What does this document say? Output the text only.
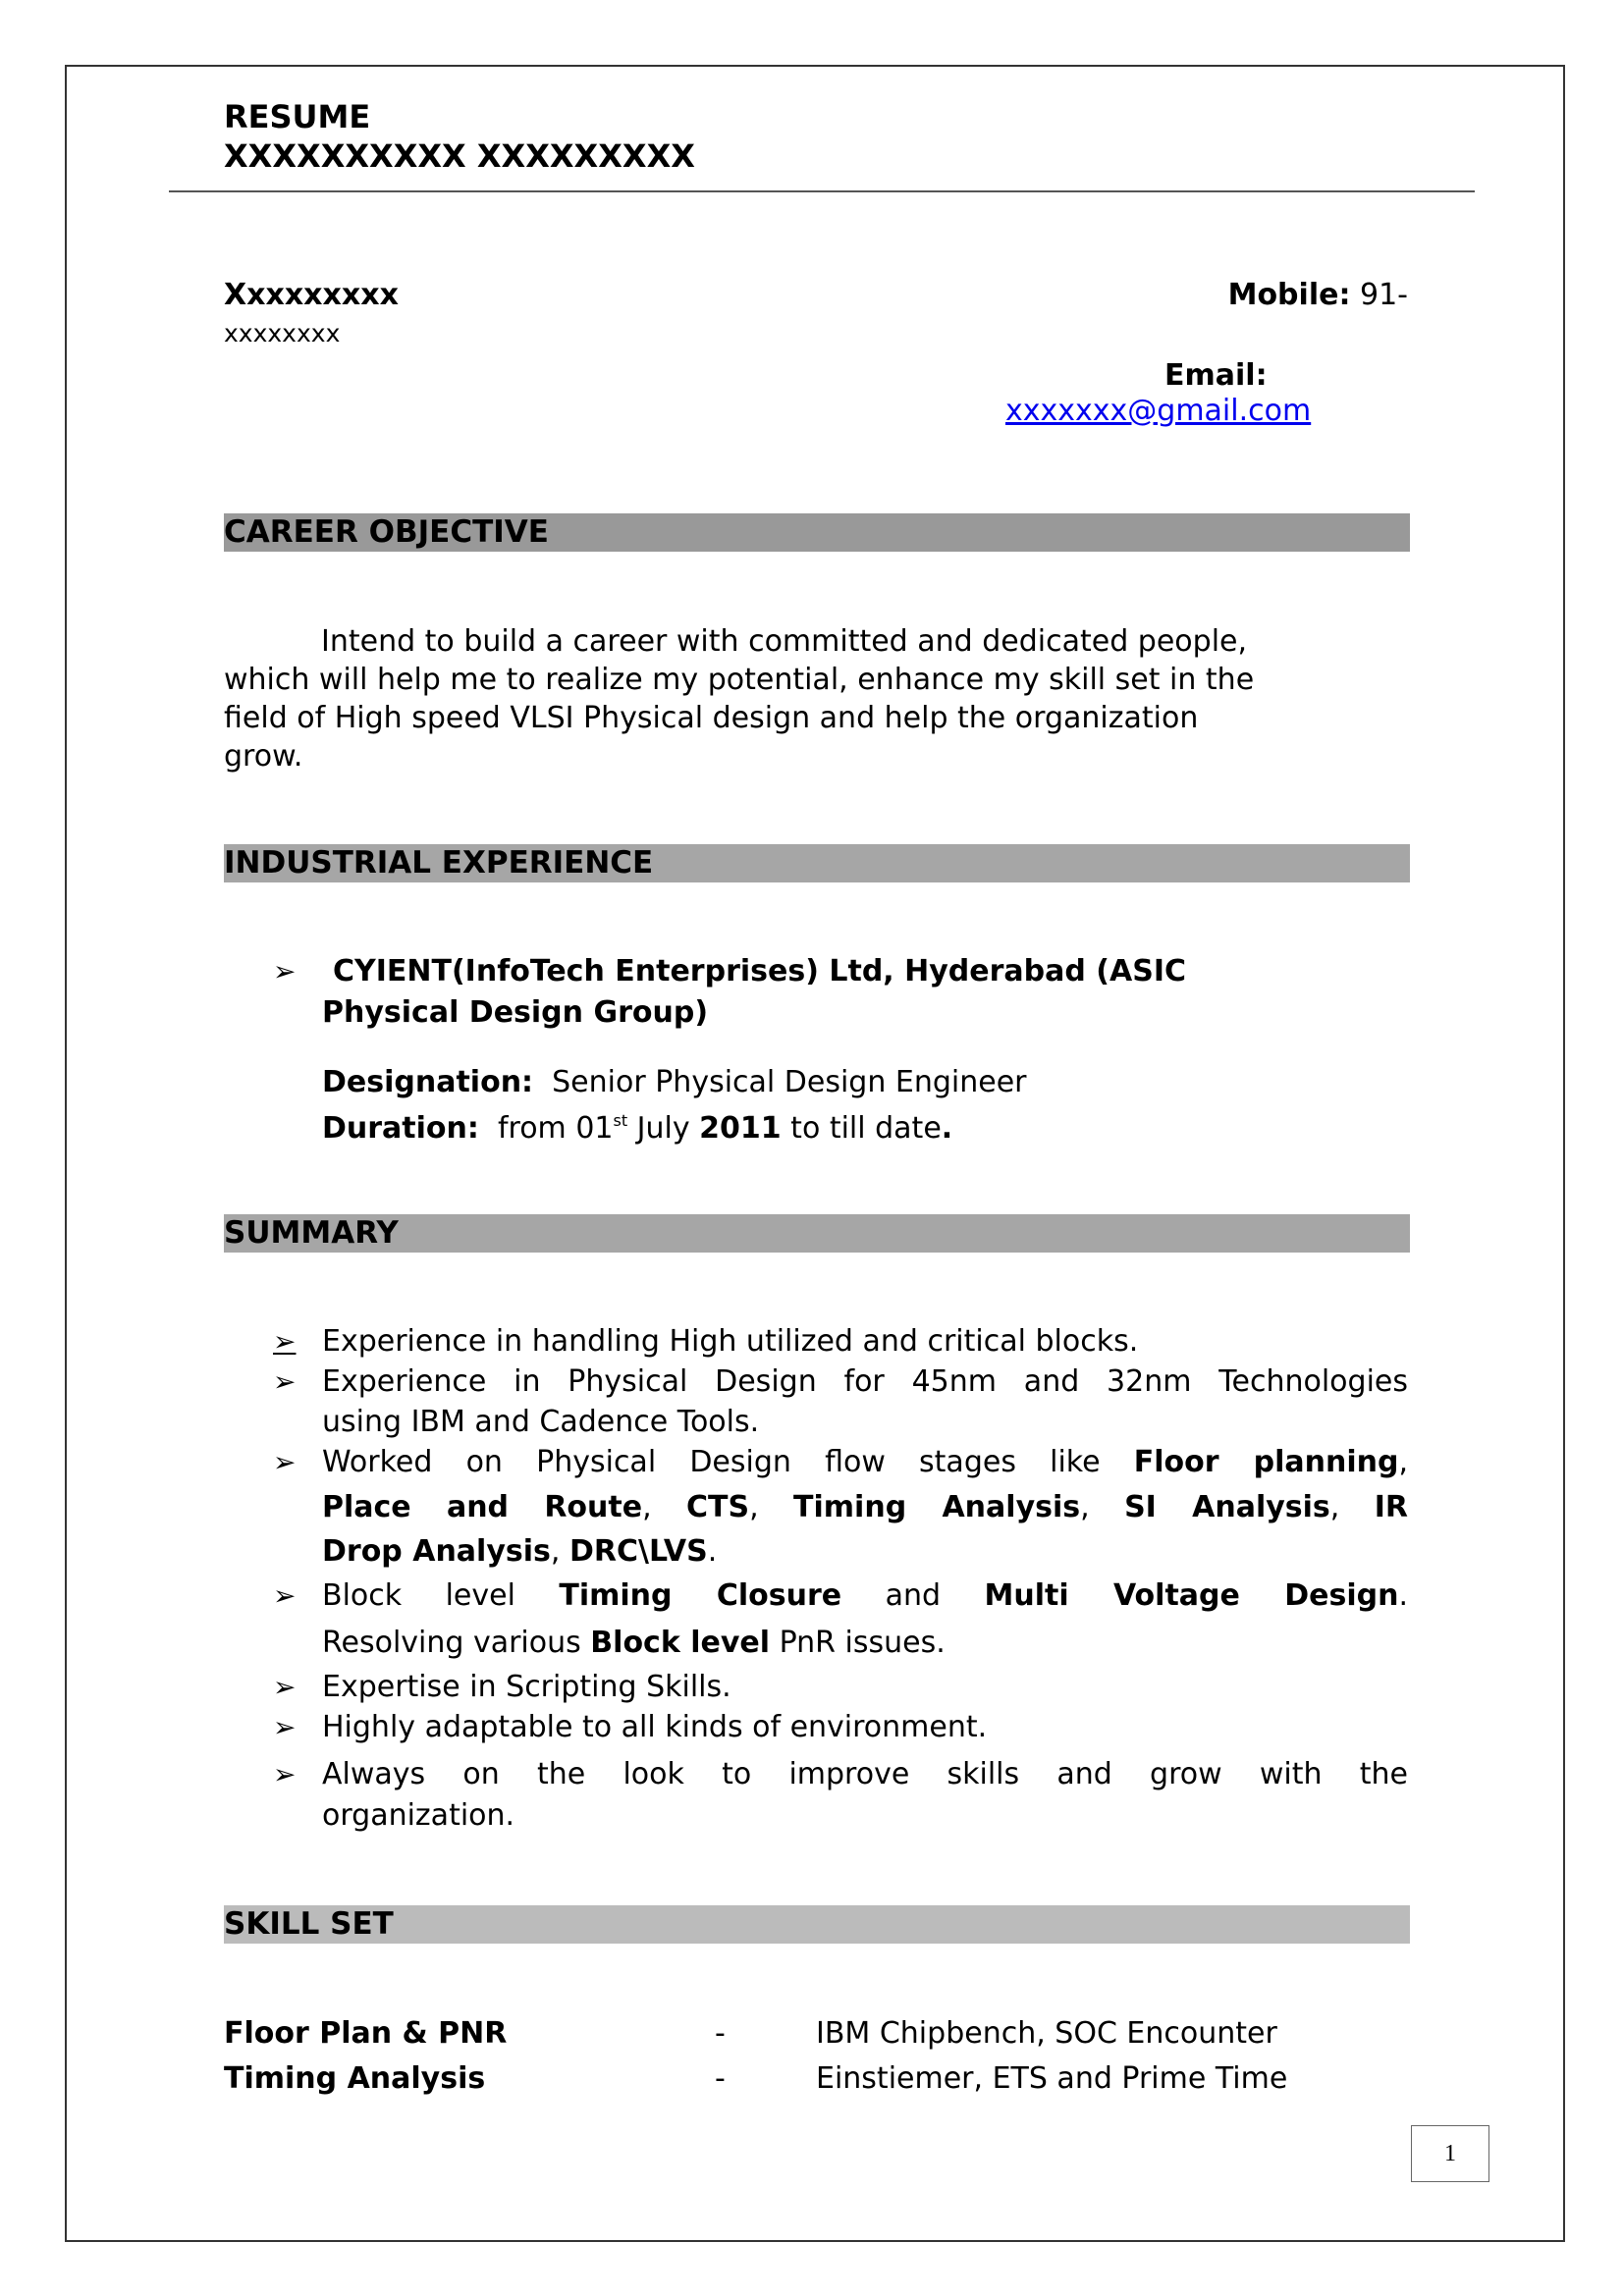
RESUME
XXXXXXXXXX XXXXXXXXX
Xxxxxxxxx
xxxxxxxx
Mobile: 91-
Email:
xxxxxxx@gmail.com
CAREER OBJECTIVE
Intend to build a career with committed and dedicated people,
which will help me to realize my potential, enhance my skill set in the
field of High speed VLSI Physical design and help the organization
grow.
INDUSTRIAL EXPERIENCE
➢ CYIENT(InfoTech Enterprises) Ltd, Hyderabad (ASIC
Physical Design Group)
Designation: Senior Physical Design Engineer
Duration: from 01st July 2011 to till date.
SUMMARY
➢ Experience in handling High utilized and critical blocks.
➢ Experience in Physical Design for 45nm and 32nm Technologies
using IBM and Cadence Tools.
➢ Worked on Physical Design flow stages like Floor planning,
Place and Route, CTS, Timing Analysis, SI Analysis, IR
Drop Analysis, DRC\LVS.
➢ Block level Timing Closure and Multi Voltage Design.
Resolving various Block level PnR issues.
➢ Expertise in Scripting Skills.
➢ Highly adaptable to all kinds of environment.
➢ Always on the look to improve skills and grow with the
organization.
SKILL SET
Floor Plan & PNR	-	IBM Chipbench, SOC Encounter
Timing Analysis	-	Einstiemer, ETS and Prime Time
1
